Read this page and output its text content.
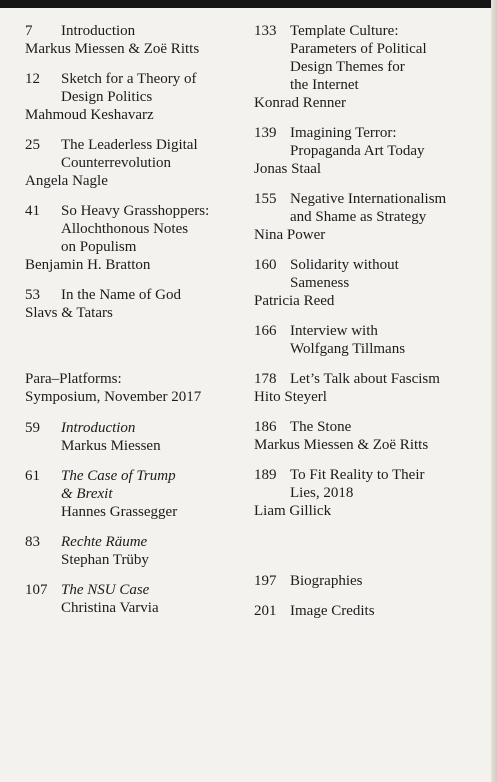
7	Introduction
Markus Miessen & Zoë Ritts
12	Sketch for a Theory of
Design Politics
Mahmoud Keshavarz
25	The Leaderless Digital
Counterrevolution
Angela Nagle
41	So Heavy Grasshoppers:
Allochthonous Notes
on Populism
Benjamin H. Bratton
53	In the Name of God
Slavs & Tatars
Para–Platforms:
Symposium, November 2017
59	Introduction
Markus Miessen
61	The Case of Trump
& Brexit
Hannes Grassegger
83	Rechte Räume
Stephan Trüby
107 The NSU Case
Christina Varvia
133 Template Culture:
Parameters of Political
Design Themes for
the Internet
Konrad Renner
139 Imagining Terror:
Propaganda Art Today
Jonas Staal
155 Negative Internationalism
and Shame as Strategy
Nina Power
160 Solidarity without
Sameness
Patricia Reed
166 Interview with
Wolfgang Tillmans
178 Let’s Talk about Fascism
Hito Steyerl
186 The Stone
Markus Miessen & Zoë Ritts
189 To Fit Reality to Their
Lies, 2018
Liam Gillick
197 Biographies
201 Image Credits
